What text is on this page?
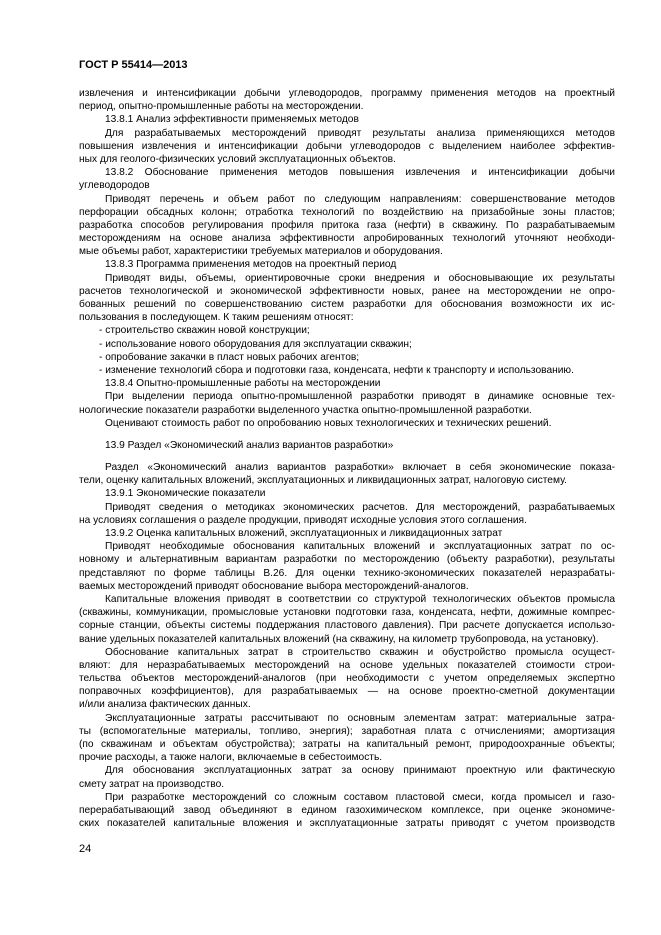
ГОСТ Р 55414—2013
извлечения и интенсификации добычи углеводородов, программу применения методов на проектный
период, опытно-промышленные работы на месторождении.
13.8.1 Анализ эффективности применяемых методов
Для разрабатываемых месторождений приводят результаты анализа применяющихся методов
повышения извлечения и интенсификации добычи углеводородов с выделением наиболее эффектив-
ных для геолого-физических условий эксплуатационных объектов.
13.8.2 Обоснование применения методов повышения извлечения и интенсификации добычи
углеводородов
Приводят перечень и объем работ по следующим направлениям: совершенствование методов
перфорации обсадных колонн; отработка технологий по воздействию на призабойные зоны пластов;
разработка способов регулирования профиля притока газа (нефти) в скважину. По разрабатываемым
месторождениям на основе анализа эффективности апробированных технологий уточняют необходи-
мые объемы работ, характеристики требуемых материалов и оборудования.
13.8.3 Программа применения методов на проектный период
Приводят виды, объемы, ориентировочные сроки внедрения и обосновывающие их результаты
расчетов технологической и экономической эффективности новых, ранее на месторождении не опро-
бованных решений по совершенствованию систем разработки для обоснования возможности их ис-
пользования в последующем. К таким решениям относят:
- строительство скважин новой конструкции;
- использование нового оборудования для эксплуатации скважин;
- опробование закачки в пласт новых рабочих агентов;
- изменение технологий сбора и подготовки газа, конденсата, нефти к транспорту и использованию.
13.8.4 Опытно-промышленные работы на месторождении
При выделении периода опытно-промышленной разработки приводят в динамике основные тех-
нологические показатели разработки выделенного участка опытно-промышленной разработки.
Оценивают стоимость работ по опробованию новых технологических и технических решений.
13.9 Раздел «Экономический анализ вариантов разработки»
Раздел «Экономический анализ вариантов разработки» включает в себя экономические показа-
тели, оценку капитальных вложений, эксплуатационных и ликвидационных затрат, налоговую систему.
13.9.1 Экономические показатели
Приводят сведения о методиках экономических расчетов. Для месторождений, разрабатываемых
на условиях соглашения о разделе продукции, приводят исходные условия этого соглашения.
13.9.2 Оценка капитальных вложений, эксплуатационных и ликвидационных затрат
Приводят необходимые обоснования капитальных вложений и эксплуатационных затрат по ос-
новному и альтернативным вариантам разработки по месторождению (объекту разработки), результаты
представляют по форме таблицы В.26. Для оценки технико-экономических показателей неразрабаты-
ваемых месторождений приводят обоснование выбора месторождений-аналогов.
Капитальные вложения приводят в соответствии со структурой технологических объектов промысла
(скважины, коммуникации, промысловые установки подготовки газа, конденсата, нефти, дожимные компрес-
сорные станции, объекты системы поддержания пластового давления). При расчете допускается использо-
вание удельных показателей капитальных вложений (на скважину, на километр трубопровода, на установку).
Обоснование капитальных затрат в строительство скважин и обустройство промысла осущест-
вляют: для неразрабатываемых месторождений на основе удельных показателей стоимости строи-
тельства объектов месторождений-аналогов (при необходимости с учетом определяемых экспертно
поправочных коэффициентов), для разрабатываемых — на основе проектно-сметной документации
и/или анализа фактических данных.
Эксплуатационные затраты рассчитывают по основным элементам затрат: материальные затра-
ты (вспомогательные материалы, топливо, энергия); заработная плата с отчислениями; амортизация
(по скважинам и объектам обустройства); затраты на капитальный ремонт, природоохранные объекты;
прочие расходы, а также налоги, включаемые в себестоимость.
Для обоснования эксплуатационных затрат за основу принимают проектную или фактическую
смету затрат на производство.
При разработке месторождений со сложным составом пластовой смеси, когда промысел и газо-
перерабатывающий завод объединяют в едином газохимическом комплексе, при оценке экономиче-
ских показателей капитальные вложения и эксплуатационные затраты приводят с учетом производств
24
